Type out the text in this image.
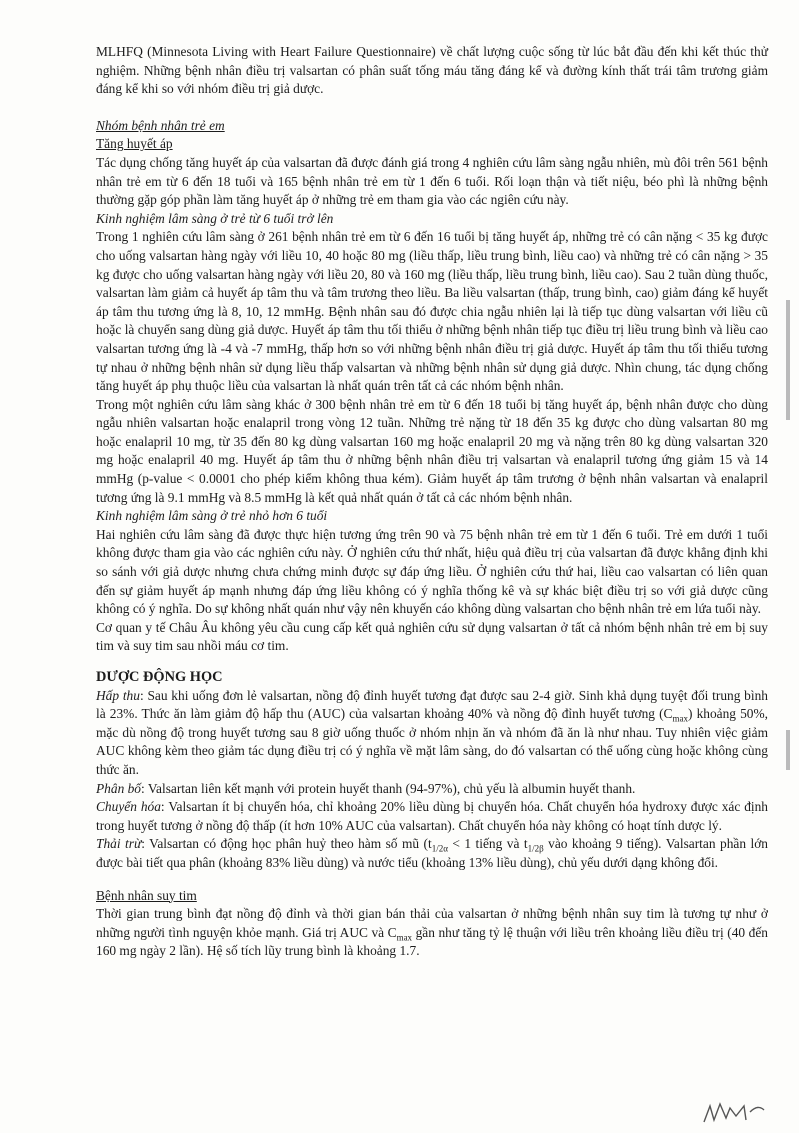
MLHFQ (Minnesota Living with Heart Failure Questionnaire) về chất lượng cuộc sống từ lúc bắt đầu đến khi kết thúc thử nghiệm. Những bệnh nhân điều trị valsartan có phân suất tống máu tăng đáng kể và đường kính thất trái tâm trương giảm đáng kể khi so với nhóm điều trị giả dược.

Nhóm bệnh nhân trẻ em

Tăng huyết áp

Tác dụng chống tăng huyết áp của valsartan đã được đánh giá trong 4 nghiên cứu lâm sàng ngẫu nhiên, mù đôi trên 561 bệnh nhân trẻ em từ 6 đến 18 tuổi và 165 bệnh nhân trẻ em từ 1 đến 6 tuổi. Rối loạn thận và tiết niệu, béo phì là những bệnh thường gặp góp phần làm tăng huyết áp ở những trẻ em tham gia vào các ngiên cứu này.

Kinh nghiệm lâm sàng ở trẻ từ 6 tuổi trở lên

Trong 1 nghiên cứu lâm sàng ở 261 bệnh nhân trẻ em từ 6 đến 16 tuổi bị tăng huyết áp, những trẻ có cân nặng < 35 kg được cho uống valsartan hàng ngày với liều 10, 40 hoặc 80 mg (liều thấp, liều trung bình, liều cao) và những trẻ có cân nặng > 35 kg được cho uống valsartan hàng ngày với liều 20, 80 và 160 mg (liều thấp, liều trung bình, liều cao). Sau 2 tuần dùng thuốc, valsartan làm giảm cả huyết áp tâm thu và tâm trương theo liều. Ba liều valsartan (thấp, trung bình, cao) giảm đáng kể huyết áp tâm thu tương ứng là 8, 10, 12 mmHg. Bệnh nhân sau đó được chia ngẫu nhiên lại là tiếp tục dùng valsartan với liều cũ hoặc là chuyển sang dùng giả dược. Huyết áp tâm thu tối thiểu ở những bệnh nhân tiếp tục điều trị liều trung bình và liều cao valsartan tương ứng là -4 và -7 mmHg, thấp hơn so với những bệnh nhân điều trị giả dược. Huyết áp tâm thu tối thiểu tương tự nhau ở những bệnh nhân sử dụng liều thấp valsartan và những bệnh nhân sử dụng giả dược. Nhìn chung, tác dụng chống tăng huyết áp phụ thuộc liều của valsartan là nhất quán trên tất cả các nhóm bệnh nhân.

Trong một nghiên cứu lâm sàng khác ở 300 bệnh nhân trẻ em từ 6 đến 18 tuổi bị tăng huyết áp, bệnh nhân được cho dùng ngẫu nhiên valsartan hoặc enalapril trong vòng 12 tuần. Những trẻ nặng từ 18 đến 35 kg được cho dùng valsartan 80 mg hoặc enalapril 10 mg, từ 35 đến 80 kg dùng valsartan 160 mg hoặc enalapril 20 mg và nặng trên 80 kg dùng valsartan 320 mg hoặc enalapril 40 mg. Huyết áp tâm thu ở những bệnh nhân điều trị valsartan và enalapril tương ứng giảm 15 và 14 mmHg (p-value < 0.0001 cho phép kiểm không thua kém). Giảm huyết áp tâm trương ở bệnh nhân valsartan và enalapril tương ứng là 9.1 mmHg và 8.5 mmHg là kết quả nhất quán ở tất cả các nhóm bệnh nhân.

Kinh nghiệm lâm sàng ở trẻ nhỏ hơn 6 tuổi

Hai nghiên cứu lâm sàng đã được thực hiện tương ứng trên 90 và 75 bệnh nhân trẻ em từ 1 đến 6 tuổi. Trẻ em dưới 1 tuổi không được tham gia vào các nghiên cứu này. Ở nghiên cứu thứ nhất, hiệu quả điều trị của valsartan đã được khẳng định khi so sánh với giả dược nhưng chưa chứng minh được sự đáp ứng liều. Ở nghiên cứu thứ hai, liều cao valsartan có liên quan đến sự giảm huyết áp mạnh nhưng đáp ứng liều không có ý nghĩa thống kê và sự khác biệt điều trị so với giả dược cũng không có ý nghĩa. Do sự không nhất quán như vậy nên khuyến cáo không dùng valsartan cho bệnh nhân trẻ em lứa tuổi này.

Cơ quan y tế Châu Âu không yêu cầu cung cấp kết quả nghiên cứu sử dụng valsartan ở tất cả nhóm bệnh nhân trẻ em bị suy tim và suy tim sau nhồi máu cơ tim.

DƯỢC ĐỘNG HỌC

Hấp thu: Sau khi uống đơn lẻ valsartan, nồng độ đỉnh huyết tương đạt được sau 2-4 giờ. Sinh khả dụng tuyệt đối trung bình là 23%. Thức ăn làm giảm độ hấp thu (AUC) của valsartan khoảng 40% và nồng độ đỉnh huyết tương $(C_{max})$ khoảng 50%, mặc dù nồng độ trong huyết tương sau 8 giờ uống thuốc ở nhóm nhịn ăn và nhóm đã ăn là như nhau. Tuy nhiên việc giảm AUC không kèm theo giảm tác dụng điều trị có ý nghĩa về mặt lâm sàng, do đó valsartan có thể uống cùng hoặc không cùng thức ăn.

Phân bố: Valsartan liên kết mạnh với protein huyết thanh (94-97%), chủ yếu là albumin huyết thanh.

Chuyển hóa: Valsartan ít bị chuyển hóa, chỉ khoảng 20% liều dùng bị chuyển hóa. Chất chuyển hóa hydroxy được xác định trong huyết tương ở nồng độ thấp (ít hơn 10% AUC của valsartan). Chất chuyển hóa này không có hoạt tính dược lý.

Thải trừ: Valsartan có động học phân huỷ theo hàm số mũ ($t_{1/2\alpha} < 1$ tiếng và $t_{1/2\beta}$ vào khoảng 9 tiếng). Valsartan phần lớn được bài tiết qua phân (khoảng 83% liều dùng) và nước tiểu (khoảng 13% liều dùng), chủ yếu dưới dạng không đổi.

Bệnh nhân suy tim

Thời gian trung bình đạt nồng độ đỉnh và thời gian bán thải của valsartan ở những bệnh nhân suy tim là tương tự như ở những người tình nguyện khỏe mạnh. Giá trị AUC và $C_{max}$ gần như tăng tỷ lệ thuận với liều trên khoảng liều điều trị (40 đến 160 mg ngày 2 lần). Hệ số tích lũy trung bình là khoảng 1.7.
